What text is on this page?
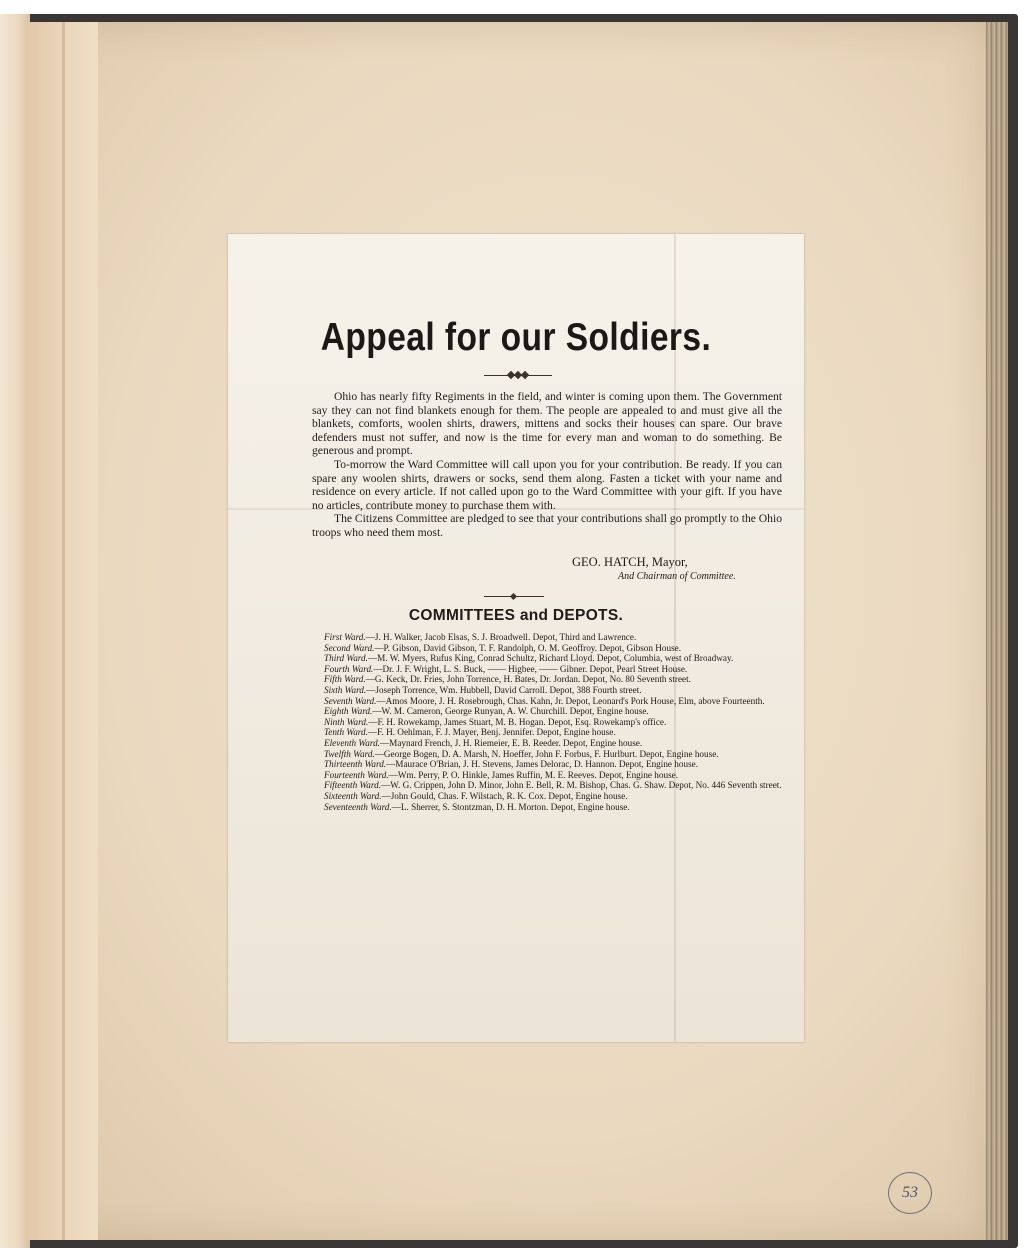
Appeal for our Soldiers.

Ohio has nearly fifty Regiments in the field, and winter is coming upon them. The Government say they can not find blankets enough for them. The people are appealed to and must give all the blankets, comforts, woolen shirts, drawers, mittens and socks their houses can spare. Our brave defenders must not suffer, and now is the time for every man and woman to do something. Be generous and prompt.

To-morrow the Ward Committee will call upon you for your contribution. Be ready. If you can spare any woolen shirts, drawers or socks, send them along. Fasten a ticket with your name and residence on every article. If not called upon go to the Ward Committee with your gift. If you have no articles, contribute money to purchase them with.

The Citizens Committee are pledged to see that your contributions shall go promptly to the Ohio troops who need them most.

GEO. HATCH, Mayor,
And Chairman of Committee.
COMMITTEES and DEPOTS.
First Ward.—J. H. Walker, Jacob Elsas, S. J. Broadwell. Depot, Third and Lawrence.
Second Ward.—P. Gibson, David Gibson, T. F. Randolph, O. M. Geoffroy. Depot, Gibson House.
Third Ward.—M. W. Myers, Rufus King, Conrad Schultz, Richard Lloyd. Depot, Columbia, west of Broadway.
Fourth Ward.—Dr. J. F. Wright, L. S. Buck, —— Higbee, —— Gibner. Depot, Pearl Street House.
Fifth Ward.—G. Keck, Dr. Fries, John Torrence, H. Bates, Dr. Jordan. Depot, No. 80 Seventh street.
Sixth Ward.—Joseph Torrence, Wm. Hubbell, David Carroll. Depot, 388 Fourth street.
Seventh Ward.—Amos Moore, J. H. Rosebrough, Chas. Kahn, Jr. Depot, Leonard's Pork House, Elm, above Fourteenth.
Eighth Ward.—W. M. Cameron, George Runyan, A. W. Churchill. Depot, Engine house.
Ninth Ward.—F. H. Rowekamp, James Stuart, M. B. Hogan. Depot, Esq. Rowekamp's office.
Tenth Ward.—F. H. Oehlman, F. J. Mayer, Benj. Jennifer. Depot, Engine house.
Eleventh Ward.—Maynard French, J. H. Riemeier, E. B. Reeder. Depot, Engine house.
Twelfth Ward.—George Bogen, D. A. Marsh, N. Hoeffer, John F. Forbus, F. Hurlburt. Depot, Engine house.
Thirteenth Ward.—Maurace O'Brian, J. H. Stevens, James Delorac, D. Hannon. Depot, Engine house.
Fourteenth Ward.—Wm. Perry, P. O. Hinkle, James Ruffin, M. E. Reeves. Depot, Engine house.
Fifteenth Ward.—W. G. Crippen, John D. Minor, John E. Bell, R. M. Bishop, Chas. G. Shaw. Depot, No. 446 Seventh street.
Sixteenth Ward.—John Gould, Chas. F. Wilstach, R. K. Cox. Depot, Engine house.
Seventeenth Ward.—L. Sherrer, S. Stontzman, D. H. Morton. Depot, Engine house.
53
